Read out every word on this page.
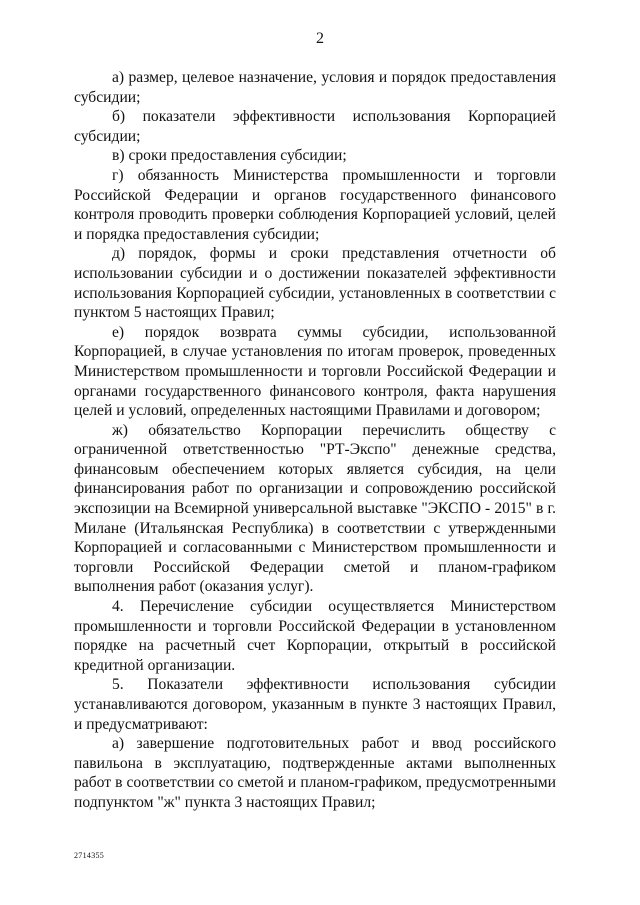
2

а) размер, целевое назначение, условия и порядок предоставления субсидии;

б) показатели эффективности использования Корпорацией субсидии;

в) сроки предоставления субсидии;

г) обязанность Министерства промышленности и торговли Российской Федерации и органов государственного финансового контроля проводить проверки соблюдения Корпорацией условий, целей и порядка предоставления субсидии;

д) порядок, формы и сроки представления отчетности об использовании субсидии и о достижении показателей эффективности использования Корпорацией субсидии, установленных в соответствии с пунктом 5 настоящих Правил;

е) порядок возврата суммы субсидии, использованной Корпорацией, в случае установления по итогам проверок, проведенных Министерством промышленности и торговли Российской Федерации и органами государственного финансового контроля, факта нарушения целей и условий, определенных настоящими Правилами и договором;

ж) обязательство Корпорации перечислить обществу с ограниченной ответственностью "РТ-Экспо" денежные средства, финансовым обеспечением которых является субсидия, на цели финансирования работ по организации и сопровождению российской экспозиции на Всемирной универсальной выставке "ЭКСПО - 2015" в г. Милане (Итальянская Республика) в соответствии с утвержденными Корпорацией и согласованными с Министерством промышленности и торговли Российской Федерации сметой и планом-графиком выполнения работ (оказания услуг).

4. Перечисление субсидии осуществляется Министерством промышленности и торговли Российской Федерации в установленном порядке на расчетный счет Корпорации, открытый в российской кредитной организации.

5. Показатели эффективности использования субсидии устанавливаются договором, указанным в пункте 3 настоящих Правил, и предусматривают:

а) завершение подготовительных работ и ввод российского павильона в эксплуатацию, подтвержденные актами выполненных работ в соответствии со сметой и планом-графиком, предусмотренными подпунктом "ж" пункта 3 настоящих Правил;

2714355
